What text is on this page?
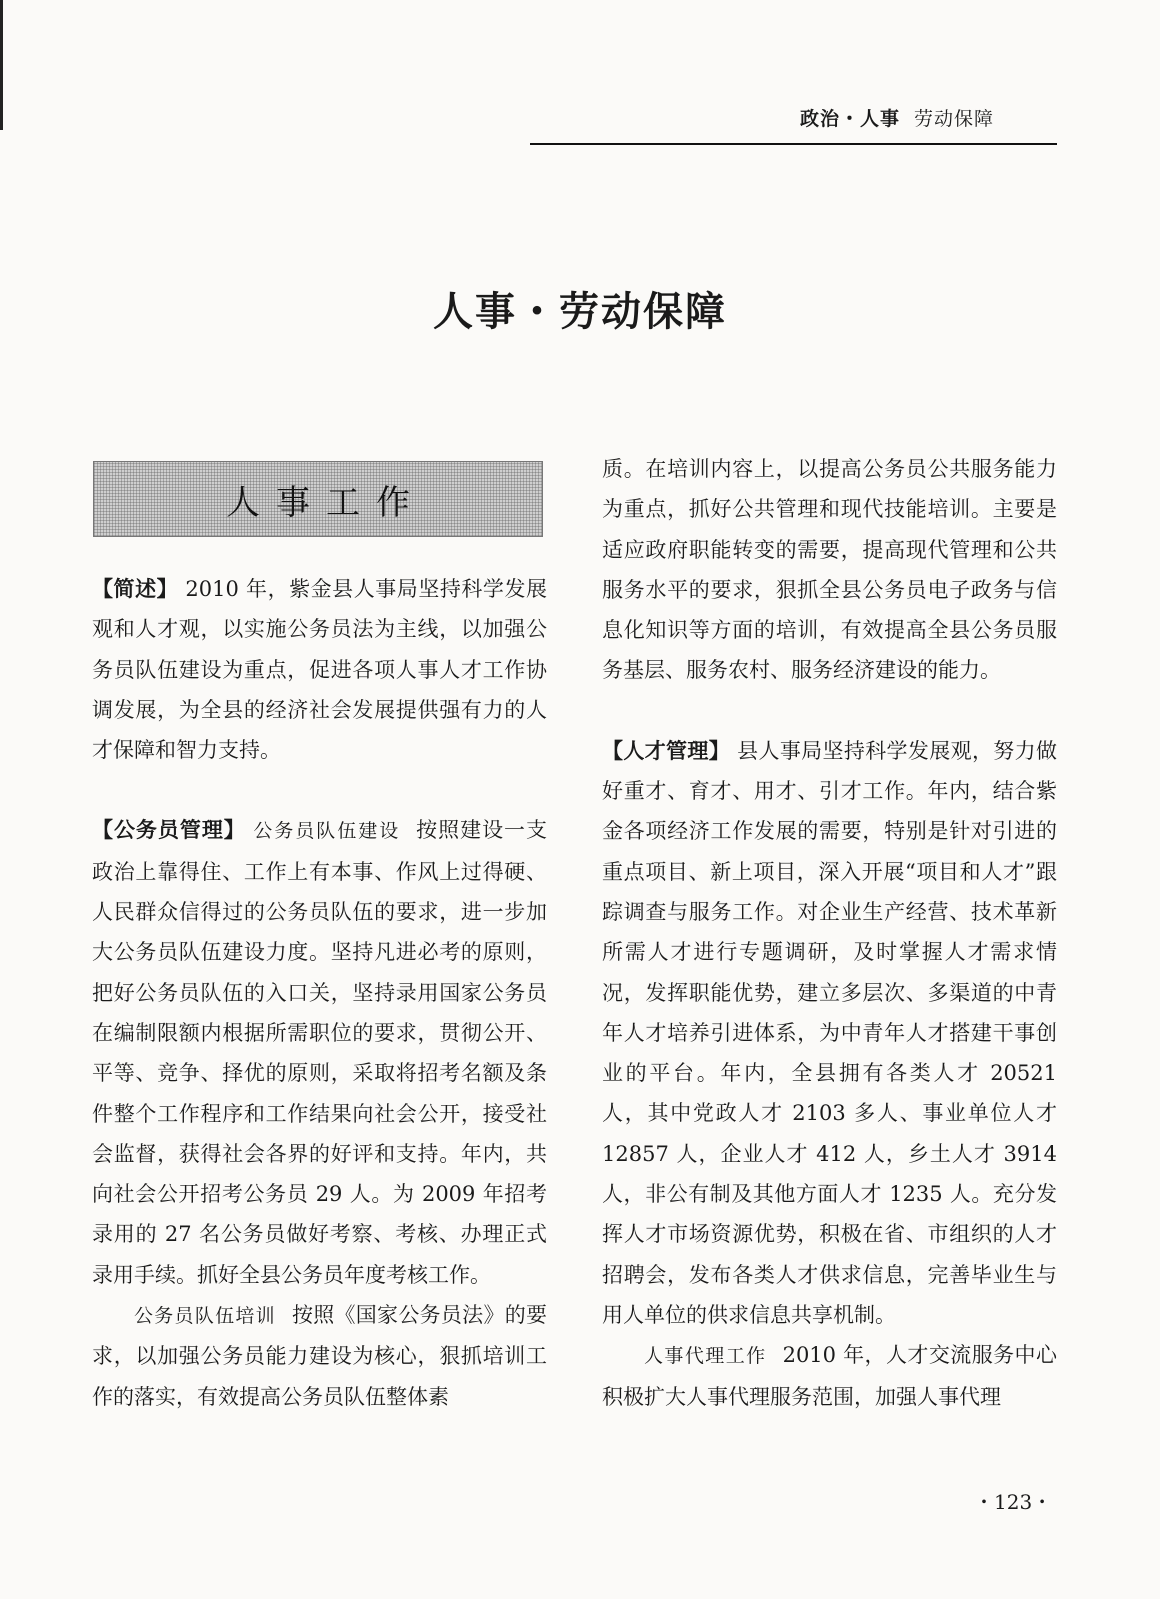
政治・人事 劳动保障
人事・劳动保障
人事工作

【简述】 2010 年，紫金县人事局坚持科学发展观和人才观，以实施公务员法为主线，以加强公务员队伍建设为重点，促进各项人事人才工作协调发展，为全县的经济社会发展提供强有力的人才保障和智力支持。

【公务员管理】 公务员队伍建设 按照建设一支政治上靠得住、工作上有本事、作风上过得硬、人民群众信得过的公务员队伍的要求，进一步加大公务员队伍建设力度。坚持凡进必考的原则，把好公务员队伍的入口关，坚持录用国家公务员在编制限额内根据所需职位的要求，贯彻公开、平等、竞争、择优的原则，采取将招考名额及条件整个工作程序和工作结果向社会公开，接受社会监督，获得社会各界的好评和支持。年内，共向社会公开招考公务员 29 人。为 2009 年招考录用的 27 名公务员做好考察、考核、办理正式录用手续。抓好全县公务员年度考核工作。

公务员队伍培训 按照《国家公务员法》的要求，以加强公务员能力建设为核心，狠抓培训工作的落实，有效提高公务员队伍整体素

质。在培训内容上，以提高公务员公共服务能力为重点，抓好公共管理和现代技能培训。主要是适应政府职能转变的需要，提高现代管理和公共服务水平的要求，狠抓全县公务员电子政务与信息化知识等方面的培训，有效提高全县公务员服务基层、服务农村、服务经济建设的能力。

【人才管理】 县人事局坚持科学发展观，努力做好重才、育才、用才、引才工作。年内，结合紫金各项经济工作发展的需要，特别是针对引进的重点项目、新上项目，深入开展“项目和人才”跟踪调查与服务工作。对企业生产经营、技术革新所需人才进行专题调研，及时掌握人才需求情况，发挥职能优势，建立多层次、多渠道的中青年人才培养引进体系，为中青年人才搭建干事创业的平台。年内，全县拥有各类人才 20521 人，其中党政人才 2103 多人、事业单位人才 12857 人，企业人才 412 人，乡土人才 3914 人，非公有制及其他方面人才 1235 人。充分发挥人才市场资源优势，积极在省、市组织的人才招聘会，发布各类人才供求信息，完善毕业生与用人单位的供求信息共享机制。

人事代理工作 2010 年，人才交流服务中心积极扩大人事代理服务范围，加强人事代理

・123・
